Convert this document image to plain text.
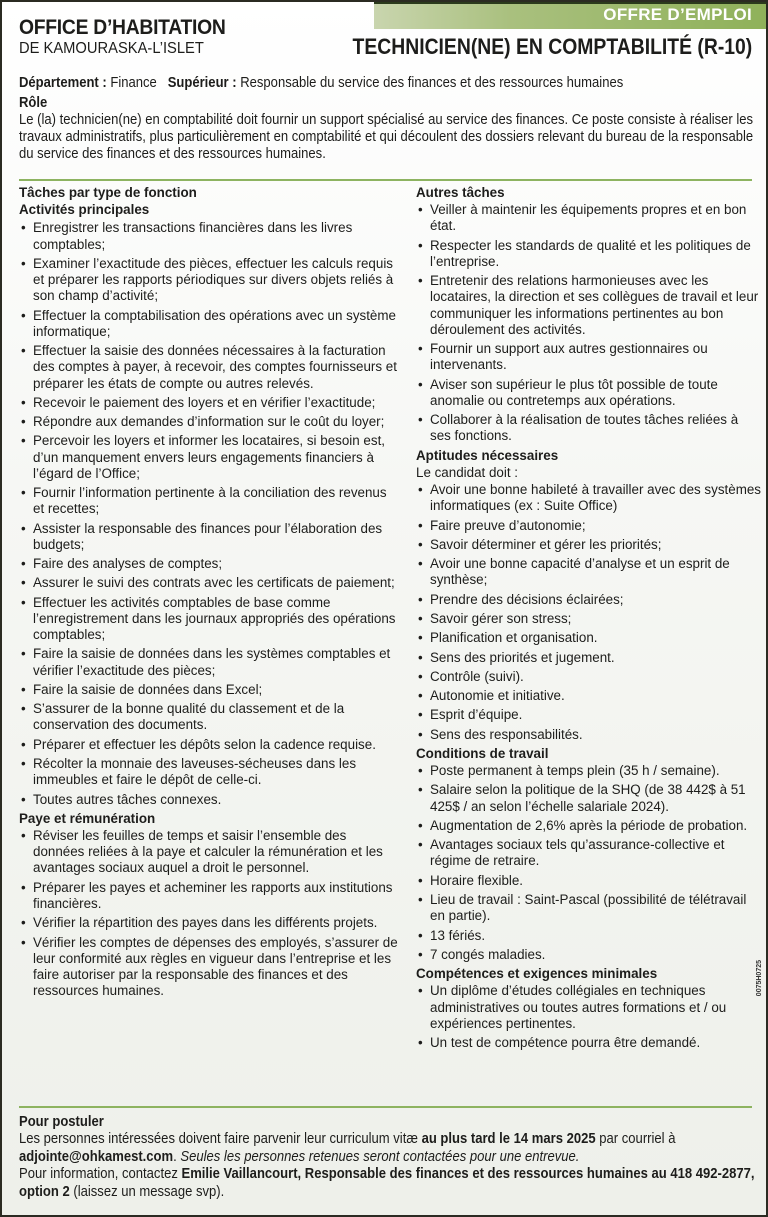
OFFRE D’EMPLOI
OFFICE D’HABITATION
DE KAMOURASKA-L’ISLET	TECHNICIEN(NE) EN COMPTABILITÉ (R-10)
Département : Finance Supérieur : Responsable du service des finances et des ressources humaines
Rôle

Le (la) technicien(ne) en comptabilité doit fournir un support spécialisé au service des finances. Ce poste consiste à réaliser les travaux administratifs, plus particulièrement en comptabilité et qui découlent des dossiers relevant du bureau de la responsable du service des finances et des ressources humaines.

Tâches par type de fonction
Activités principales
• Enregistrer les transactions financières dans les livres comptables;
• Examiner l’exactitude des pièces, effectuer les calculs requis et préparer les rapports périodiques sur divers objets reliés à son champ d’activité;
• Effectuer la comptabilisation des opérations avec un système informatique;
• Effectuer la saisie des données nécessaires à la facturation des comptes à payer, à recevoir, des comptes fournisseurs et préparer les états de compte ou autres relevés.
• Recevoir le paiement des loyers et en vérifier l’exactitude;
• Répondre aux demandes d’information sur le coût du loyer;
• Percevoir les loyers et informer les locataires, si besoin est, d’un manquement envers leurs engagements financiers à l’égard de l’Office;
• Fournir l’information pertinente à la conciliation des revenus et recettes;
• Assister la responsable des finances pour l’élaboration des budgets;
• Faire des analyses de comptes;
• Assurer le suivi des contrats avec les certificats de paiement;
• Effectuer les activités comptables de base comme l’enregistrement dans les journaux appropriés des opérations comptables;
• Faire la saisie de données dans les systèmes comptables et vérifier l’exactitude des pièces;
• Faire la saisie de données dans Excel;
• S’assurer de la bonne qualité du classement et de la conservation des documents.
• Préparer et effectuer les dépôts selon la cadence requise.
• Récolter la monnaie des laveuses-sécheuses dans les immeubles et faire le dépôt de celle-ci.
• Toutes autres tâches connexes.
Paye et rémunération
• Réviser les feuilles de temps et saisir l’ensemble des données reliées à la paye et calculer la rémunération et les avantages sociaux auquel a droit le personnel.
• Préparer les payes et acheminer les rapports aux institutions financières.
• Vérifier la répartition des payes dans les différents projets.
• Vérifier les comptes de dépenses des employés, s’assurer de leur conformité aux règles en vigueur dans l’entreprise et les faire autoriser par la responsable des finances et des ressources humaines.
Autres tâches
• Veiller à maintenir les équipements propres et en bon état.
• Respecter les standards de qualité et les politiques de l’entreprise.
• Entretenir des relations harmonieuses avec les locataires, la direction et ses collègues de travail et leur communiquer les informations pertinentes au bon déroulement des activités.
• Fournir un support aux autres gestionnaires ou intervenants.
• Aviser son supérieur le plus tôt possible de toute anomalie ou contretemps aux opérations.
• Collaborer à la réalisation de toutes tâches reliées à ses fonctions.
Aptitudes nécessaires
Le candidat doit :
• Avoir une bonne habileté à travailler avec des systèmes informatiques (ex : Suite Office)
• Faire preuve d’autonomie;
• Savoir déterminer et gérer les priorités;
• Avoir une bonne capacité d’analyse et un esprit de synthèse;
• Prendre des décisions éclairées;
• Savoir gérer son stress;
• Planification et organisation.
• Sens des priorités et jugement.
• Contrôle (suivi).
• Autonomie et initiative.
• Esprit d’équipe.
• Sens des responsabilités.
Conditions de travail
• Poste permanent à temps plein (35 h / semaine).
• Salaire selon la politique de la SHQ (de 38 442$ à 51 425$ / an selon l’échelle salariale 2024).
• Augmentation de 2,6% après la période de probation.
• Avantages sociaux tels qu’assurance-collective et régime de retraire.
• Horaire flexible.
• Lieu de travail : Saint-Pascal (possibilité de télétravail en partie).
• 13 fériés.
• 7 congés maladies.
Compétences et exigences minimales
• Un diplôme d’études collégiales en techniques administratives ou toutes autres formations et / ou expériences pertinentes.
• Un test de compétence pourra être demandé.
0075H0725
Pour postuler

Les personnes intéressées doivent faire parvenir leur curriculum vitæ au plus tard le 14 mars 2025 par courriel à adjointe@ohkamest.com. Seules les personnes retenues seront contactées pour une entrevue.

Pour information, contactez Emilie Vaillancourt, Responsable des finances et des ressources humaines au 418 492-2877, option 2 (laissez un message svp).
